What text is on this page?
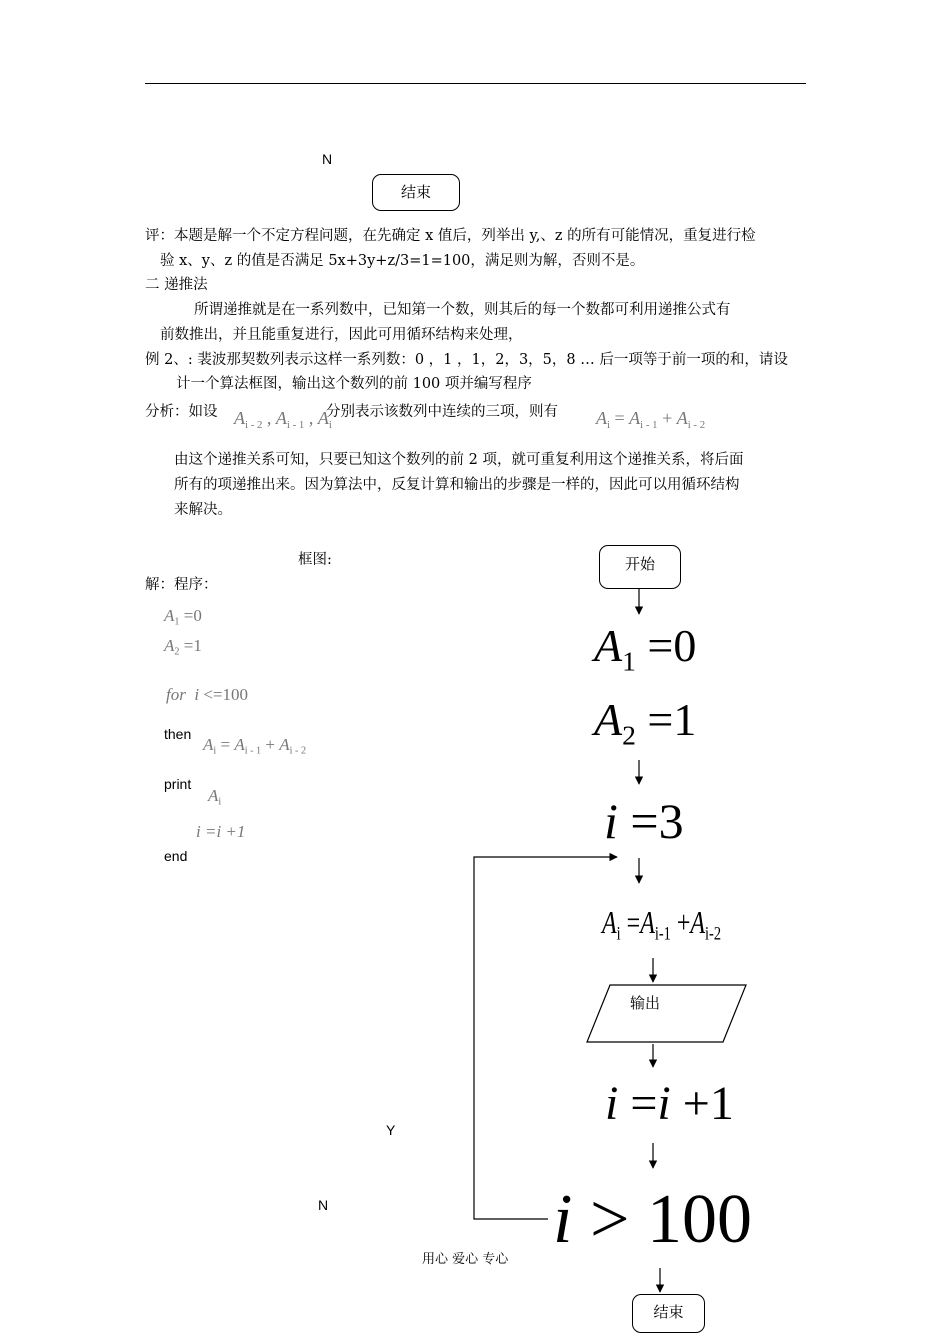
N
结束
评：本题是解一个不定方程问题，在先确定 x 值后，列举出 y,、z 的所有可能情况，重复进行检
验 x、y、z 的值是否满足 5x+3y+z/3=1=100，满足则为解，否则不是。
二 递推法
所谓递推就是在一系列数中，已知第一个数，则其后的每一个数都可利用递推公式有
前数推出，并且能重复进行，因此可用循环结构来处理，
例 2、: 裴波那契数列表示这样一系列数：0 ，1 ，1，2，3，5，8 … 后一项等于前一项的和，请设
计一个算法框图，输出这个数列的前 100 项并编写程序
分析：如设 $A_{i - 2}$ , $A_{i - 1}$ , $A_i$
分别表示该数列中连续的三项，则有 $A_i = A_{i - 1} + A_{i - 2}$
由这个递推关系可知，只要已知这个数列的前 2 项，就可重复利用这个递推关系，将后面
所有的项递推出来。因为算法中，反复计算和输出的步骤是一样的，因此可以用循环结构
来解决。
框图:
解：程序：
$A_1 =0$
$A_2 =1$
for i <=100
then
$A_i = A_{i - 1} + A_{i - 2}$
print
$A_i$
i =i +1
end
开始
$A_1 =0$
$A_2 =1$
i =3
$A_i =A_{i-1} +A_{i-2}$
输出
i =i +1
i > 100
Y
N
结束
用心 爱心 专心
